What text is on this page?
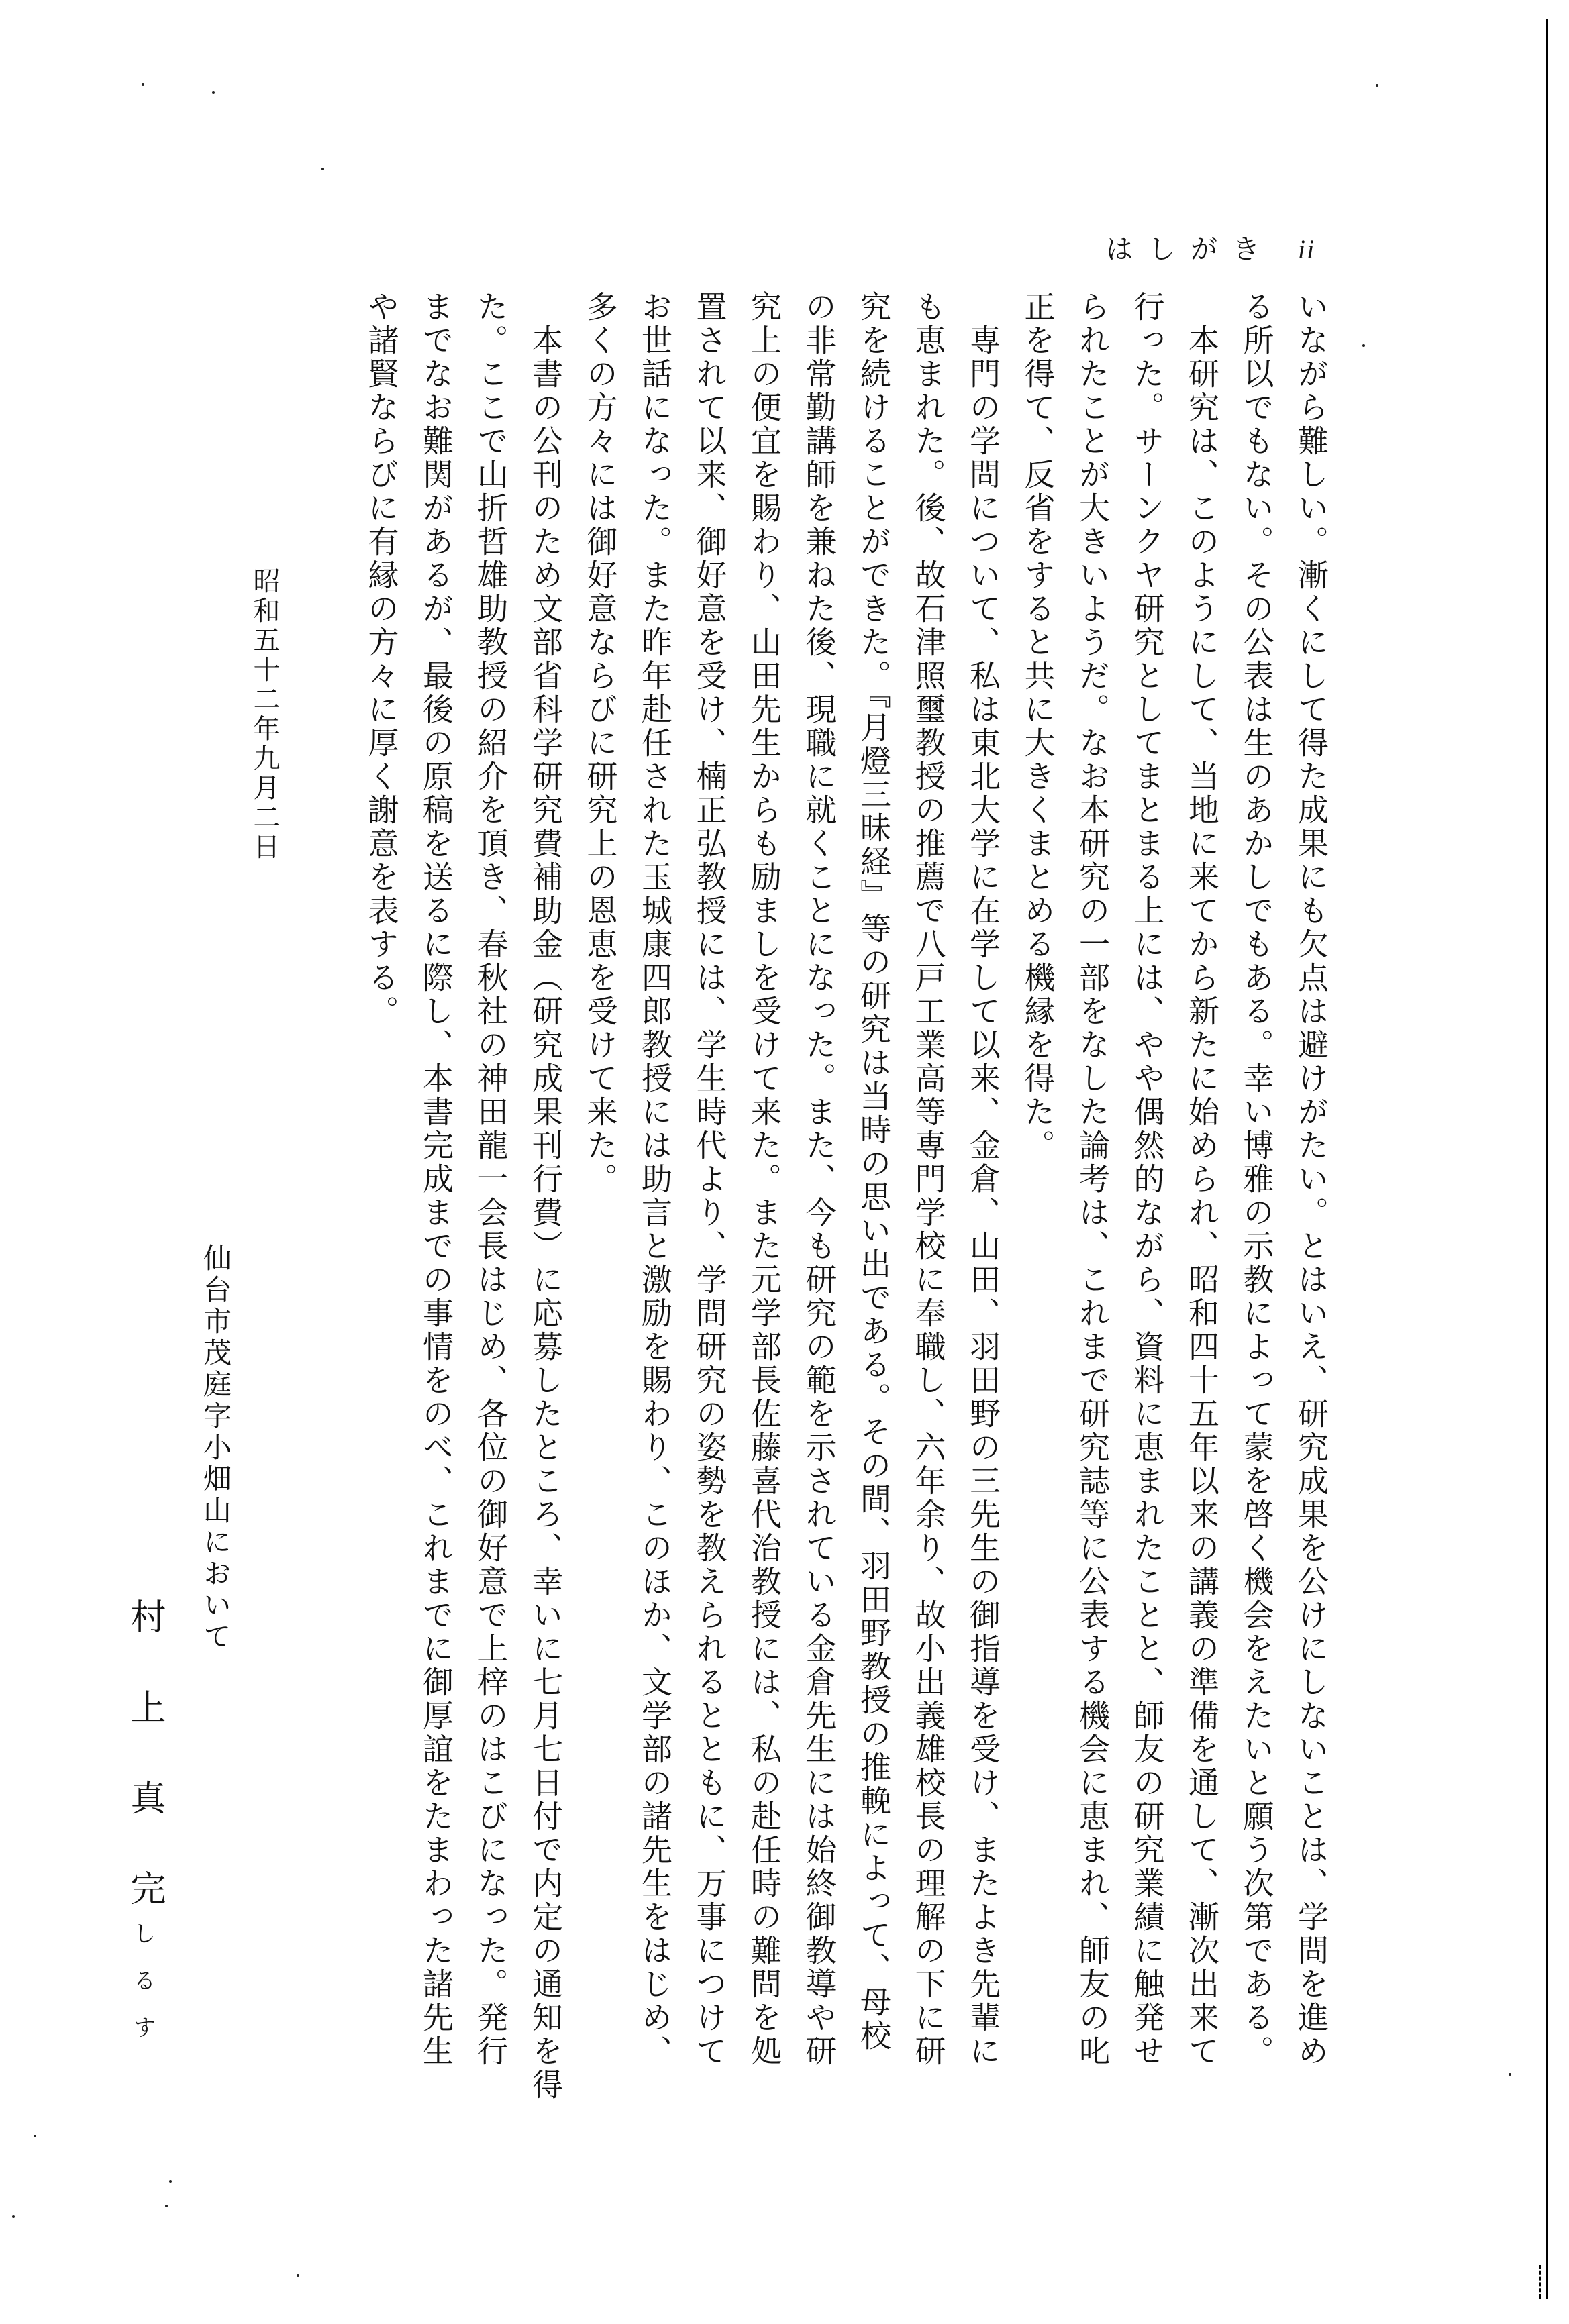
はしがき ii
いながら難しい。漸くにして得た成果にも欠点は避けがたい。とはいえ、研究成果を公けにしないことは、学問を進め
る所以でもない。その公表は生のあかしでもある。幸い博雅の示教によって蒙を啓く機会をえたいと願う次第である。
　本研究は、このようにして、当地に来てから新たに始められ、昭和四十五年以来の講義の準備を通して、漸次出来て
行った。サーンクヤ研究としてまとまる上には、やや偶然的ながら、資料に恵まれたことと、師友の研究業績に触発せ
られたことが大きいようだ。なお本研究の一部をなした論考は、これまで研究誌等に公表する機会に恵まれ、師友の叱
正を得て、反省をすると共に大きくまとめる機縁を得た。
　専門の学問について、私は東北大学に在学して以来、金倉、山田、羽田野の三先生の御指導を受け、またよき先輩に
も恵まれた。後、故石津照璽教授の推薦で八戸工業高等専門学校に奉職し、六年余り、故小出義雄校長の理解の下に研
究を続けることができた。『月燈三昧経』等の研究は当時の思い出である。その間、羽田野教授の推輓によって、母校
の非常勤講師を兼ねた後、現職に就くことになった。また、今も研究の範を示されている金倉先生には始終御教導や研
究上の便宜を賜わり、山田先生からも励ましを受けて来た。また元学部長佐藤喜代治教授には、私の赴任時の難問を処
置されて以来、御好意を受け、楠正弘教授には、学生時代より、学問研究の姿勢を教えられるとともに、万事につけて
お世話になった。また昨年赴任された玉城康四郎教授には助言と激励を賜わり、このほか、文学部の諸先生をはじめ、
多くの方々には御好意ならびに研究上の恩恵を受けて来た。
　本書の公刊のため文部省科学研究費補助金（研究成果刊行費）に応募したところ、幸いに七月七日付で内定の通知を得
た。ここで山折哲雄助教授の紹介を頂き、春秋社の神田龍一会長はじめ、各位の御好意で上梓のはこびになった。発行
までなお難関があるが、最後の原稿を送るに際し、本書完成までの事情をのべ、これまでに御厚誼をたまわった諸先生
や諸賢ならびに有縁の方々に厚く謝意を表する。
昭和五十二年九月二日
仙台市茂庭字小畑山において
村上真完しるす
